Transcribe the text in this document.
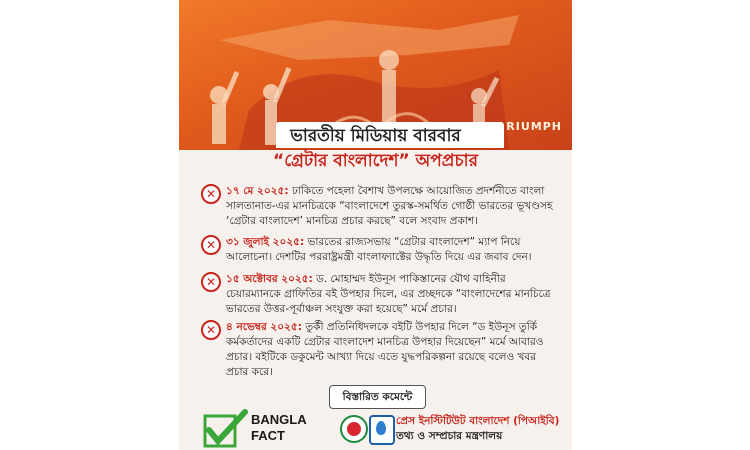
RIUMPH
ভারতীয় মিডিয়ায় বারবার
“গ্রেটার বাংলাদেশ” অপপ্রচার
✕ ১৭ মে ২০২৫: ঢাকিতে পহেলা বৈশাখ উপলক্ষে আয়োজিত প্রদর্শনীতে বাংলা সালতানাত-এর মানচিত্রকে “বাংলাদেশে তুরস্ক-সমর্থিত গোষ্ঠী ভারতের ভূখণ্ডসহ ‘গ্রেটার বাংলাদেশ’ মানচিত্র প্রচার করছে” বলে সংবাদ প্রকাশ।
✕ ৩১ জুলাই ২০২৫: ভারতের রাজ্যসভায় “গ্রেটার বাংলাদেশ” ম্যাপ নিয়ে আলোচনা। দেশটির পররাষ্ট্রমন্ত্রী বাংলাফ্যাক্টের উদ্ধৃতি দিয়ে এর জবাব দেন।
✕ ১৫ অক্টোবর ২০২৫: ড. মোহাম্মদ ইউনূস পাকিস্তানের যৌথ বাহিনীর চেয়ারম্যানকে গ্রাফিতির বই উপহার দিলে, এর প্রচ্ছদকে “বাংলাদেশের মানচিত্রে ভারতের উত্তর-পূর্বাঞ্চল সংযুক্ত করা হয়েছে” মর্মে প্রচার।
✕ ৪ নভেম্বর ২০২৫: তুর্কী প্রতিনিধিদলকে বইটি উপহার দিলে “ড ইউনূস তুর্কি কর্মকর্তাদের একটি গ্রেটার বাংলাদেশ মানচিত্র উপহার দিয়েছেন” মর্মে আবারও প্রচার। বইটিকে ডকুমেন্ট আখ্যা দিয়ে এতে যুদ্ধপরিকল্পনা রয়েছে বলেও খবর প্রচার করে।
বিস্তারিত কমেন্টে
BANGLA
FACT
প্রেস ইনস্টিটিউট বাংলাদেশ (পিআইবি)
তথ্য ও সম্প্রচার মন্ত্রণালয়
